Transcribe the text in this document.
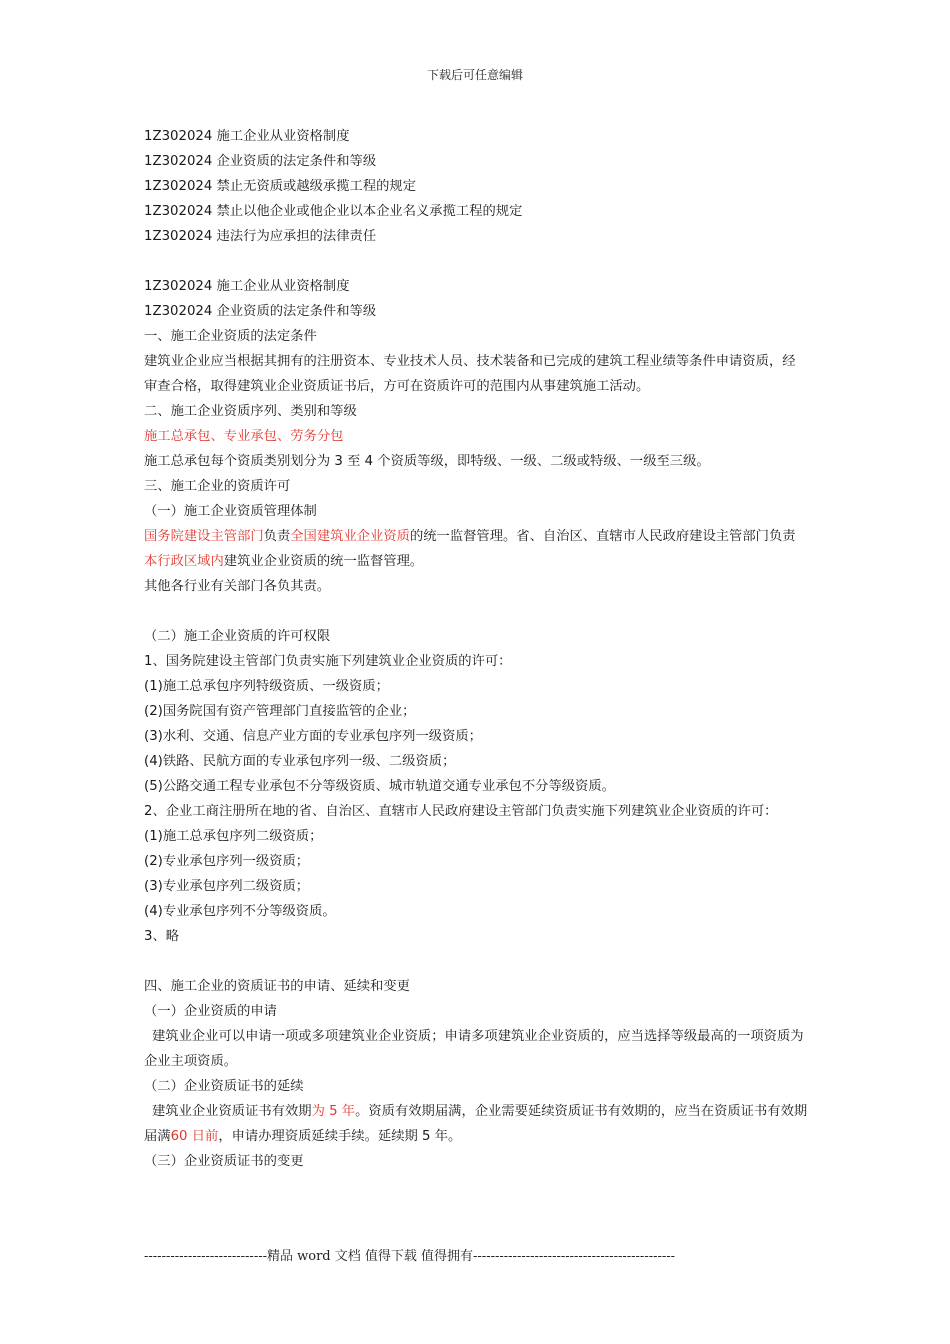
下载后可任意编辑
1Z302024 施工企业从业资格制度
1Z302024 企业资质的法定条件和等级
1Z302024 禁止无资质或越级承揽工程的规定
1Z302024 禁止以他企业或他企业以本企业名义承揽工程的规定
1Z302024 违法行为应承担的法律责任
1Z302024 施工企业从业资格制度
1Z302024 企业资质的法定条件和等级
一、施工企业资质的法定条件
建筑业企业应当根据其拥有的注册资本、专业技术人员、技术装备和已完成的建筑工程业绩等条件申请资质，经审查合格，取得建筑业企业资质证书后，方可在资质许可的范围内从事建筑施工活动。
二、施工企业资质序列、类别和等级
施工总承包、专业承包、劳务分包
施工总承包每个资质类别划分为 3 至 4 个资质等级，即特级、一级、二级或特级、一级至三级。
三、施工企业的资质许可
（一）施工企业资质管理体制
国务院建设主管部门负责全国建筑业企业资质的统一监督管理。省、自治区、直辖市人民政府建设主管部门负责本行政区域内建筑业企业资质的统一监督管理。
其他各行业有关部门各负其责。
（二）施工企业资质的许可权限
1、国务院建设主管部门负责实施下列建筑业企业资质的许可：
(1)施工总承包序列特级资质、一级资质；
(2)国务院国有资产管理部门直接监管的企业；
(3)水利、交通、信息产业方面的专业承包序列一级资质；
(4)铁路、民航方面的专业承包序列一级、二级资质；
(5)公路交通工程专业承包不分等级资质、城市轨道交通专业承包不分等级资质。
2、企业工商注册所在地的省、自治区、直辖市人民政府建设主管部门负责实施下列建筑业企业资质的许可：
(1)施工总承包序列二级资质；
(2)专业承包序列一级资质；
(3)专业承包序列二级资质；
(4)专业承包序列不分等级资质。
3、略
四、施工企业的资质证书的申请、延续和变更
（一）企业资质的申请
建筑业企业可以申请一项或多项建筑业企业资质；申请多项建筑业企业资质的，应当选择等级最高的一项资质为企业主项资质。
（二）企业资质证书的延续
建筑业企业资质证书有效期为 5 年。资质有效期届满，企业需要延续资质证书有效期的，应当在资质证书有效期届满60 日前，申请办理资质延续手续。延续期 5 年。
（三）企业资质证书的变更
----------------------------精品 word 文档 值得下载 值得拥有----------------------------------------------
